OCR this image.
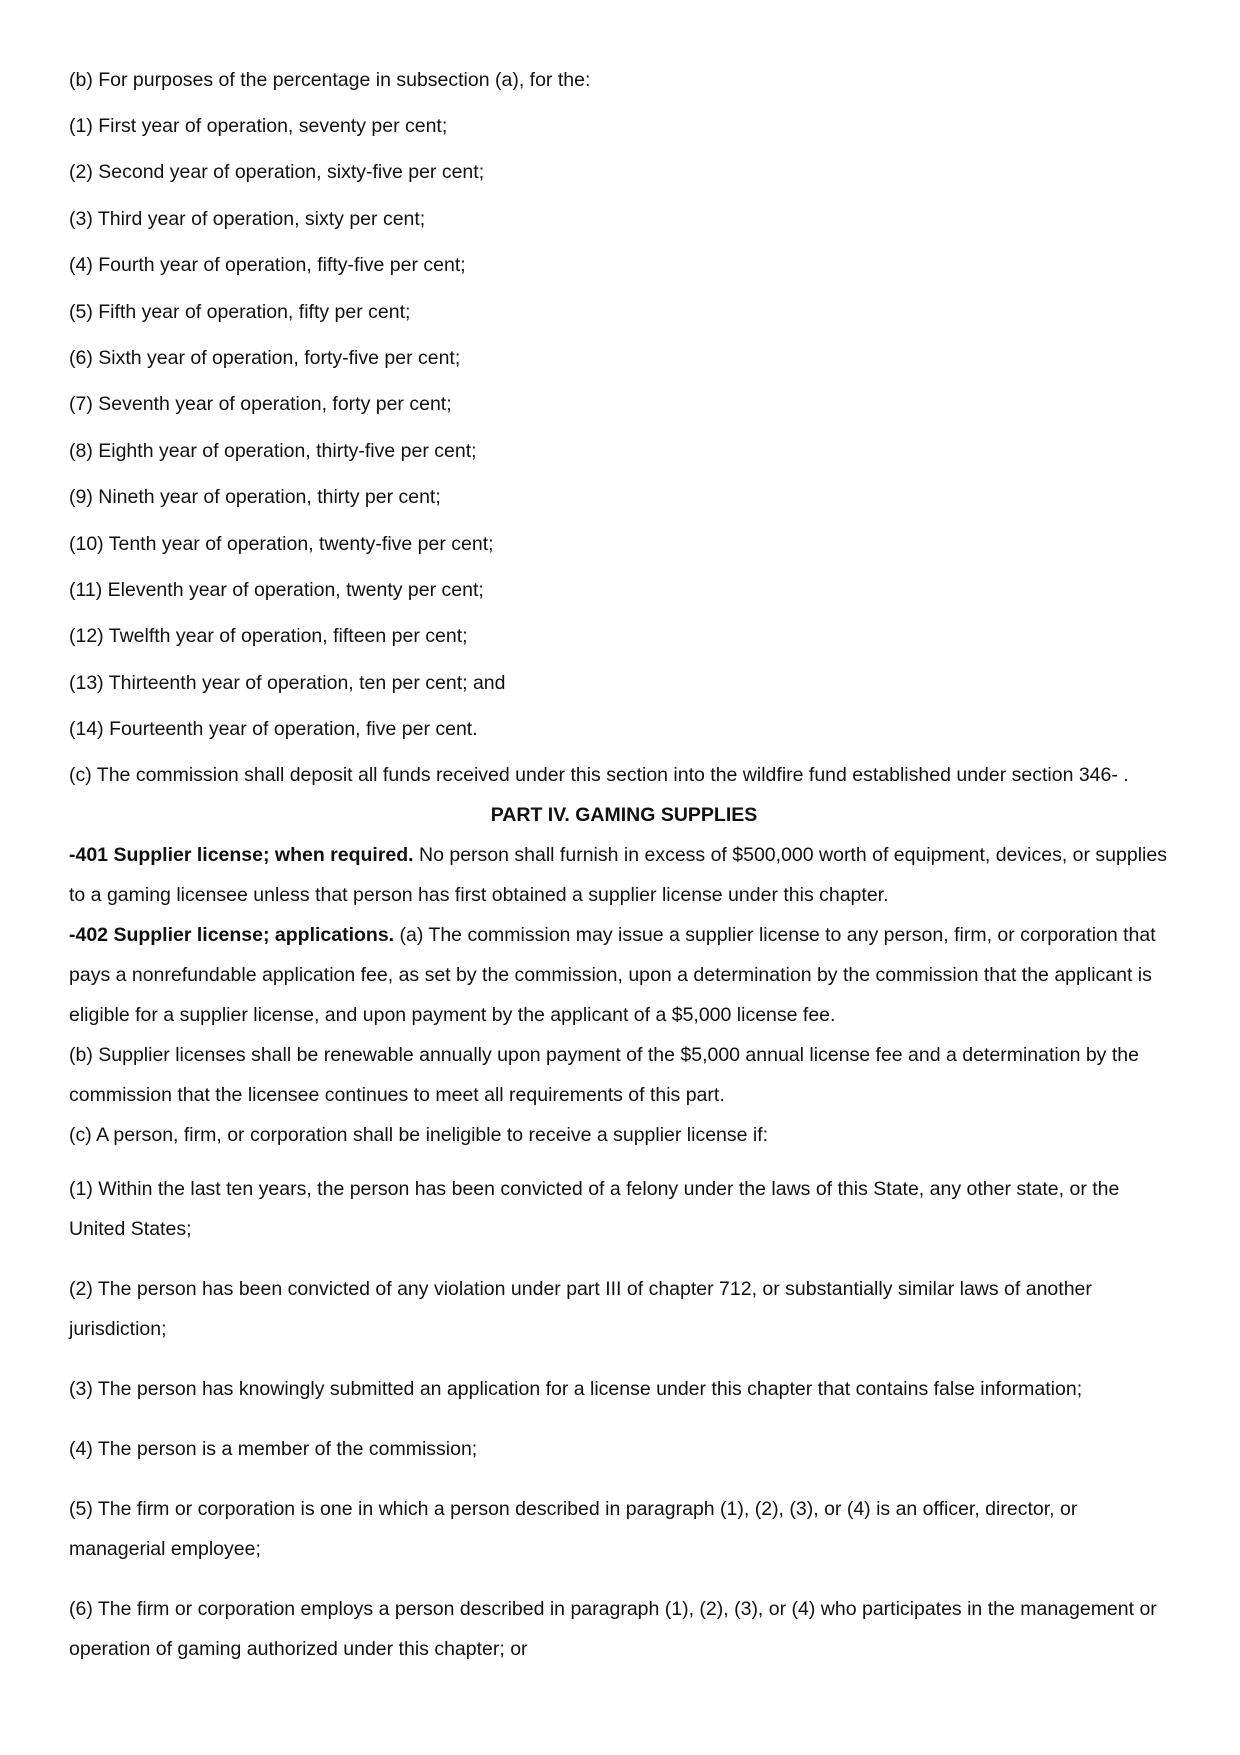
(b) For purposes of the percentage in subsection (a), for the:

(1) First year of operation, seventy per cent;

(2) Second year of operation, sixty-five per cent;

(3) Third year of operation, sixty per cent;

(4) Fourth year of operation, fifty-five per cent;

(5) Fifth year of operation, fifty per cent;

(6) Sixth year of operation, forty-five per cent;

(7) Seventh year of operation, forty per cent;

(8) Eighth year of operation, thirty-five per cent;

(9) Nineth year of operation, thirty per cent;

(10) Tenth year of operation, twenty-five per cent;

(11) Eleventh year of operation, twenty per cent;

(12) Twelfth year of operation, fifteen per cent;

(13) Thirteenth year of operation, ten per cent; and

(14) Fourteenth year of operation, five per cent.

(c) The commission shall deposit all funds received under this section into the wildfire fund established under section 346- .

PART IV. GAMING SUPPLIES

-401 Supplier license; when required. No person shall furnish in excess of $500,000 worth of equipment, devices, or supplies to a gaming licensee unless that person has first obtained a supplier license under this chapter.

-402 Supplier license; applications. (a) The commission may issue a supplier license to any person, firm, or corporation that pays a nonrefundable application fee, as set by the commission, upon a determination by the commission that the applicant is eligible for a supplier license, and upon payment by the applicant of a $5,000 license fee.

(b) Supplier licenses shall be renewable annually upon payment of the $5,000 annual license fee and a determination by the commission that the licensee continues to meet all requirements of this part.

(c) A person, firm, or corporation shall be ineligible to receive a supplier license if:

(1) Within the last ten years, the person has been convicted of a felony under the laws of this State, any other state, or the United States;

(2) The person has been convicted of any violation under part III of chapter 712, or substantially similar laws of another jurisdiction;

(3) The person has knowingly submitted an application for a license under this chapter that contains false information;

(4) The person is a member of the commission;

(5) The firm or corporation is one in which a person described in paragraph (1), (2), (3), or (4) is an officer, director, or managerial employee;

(6) The firm or corporation employs a person described in paragraph (1), (2), (3), or (4) who participates in the management or operation of gaming authorized under this chapter; or
